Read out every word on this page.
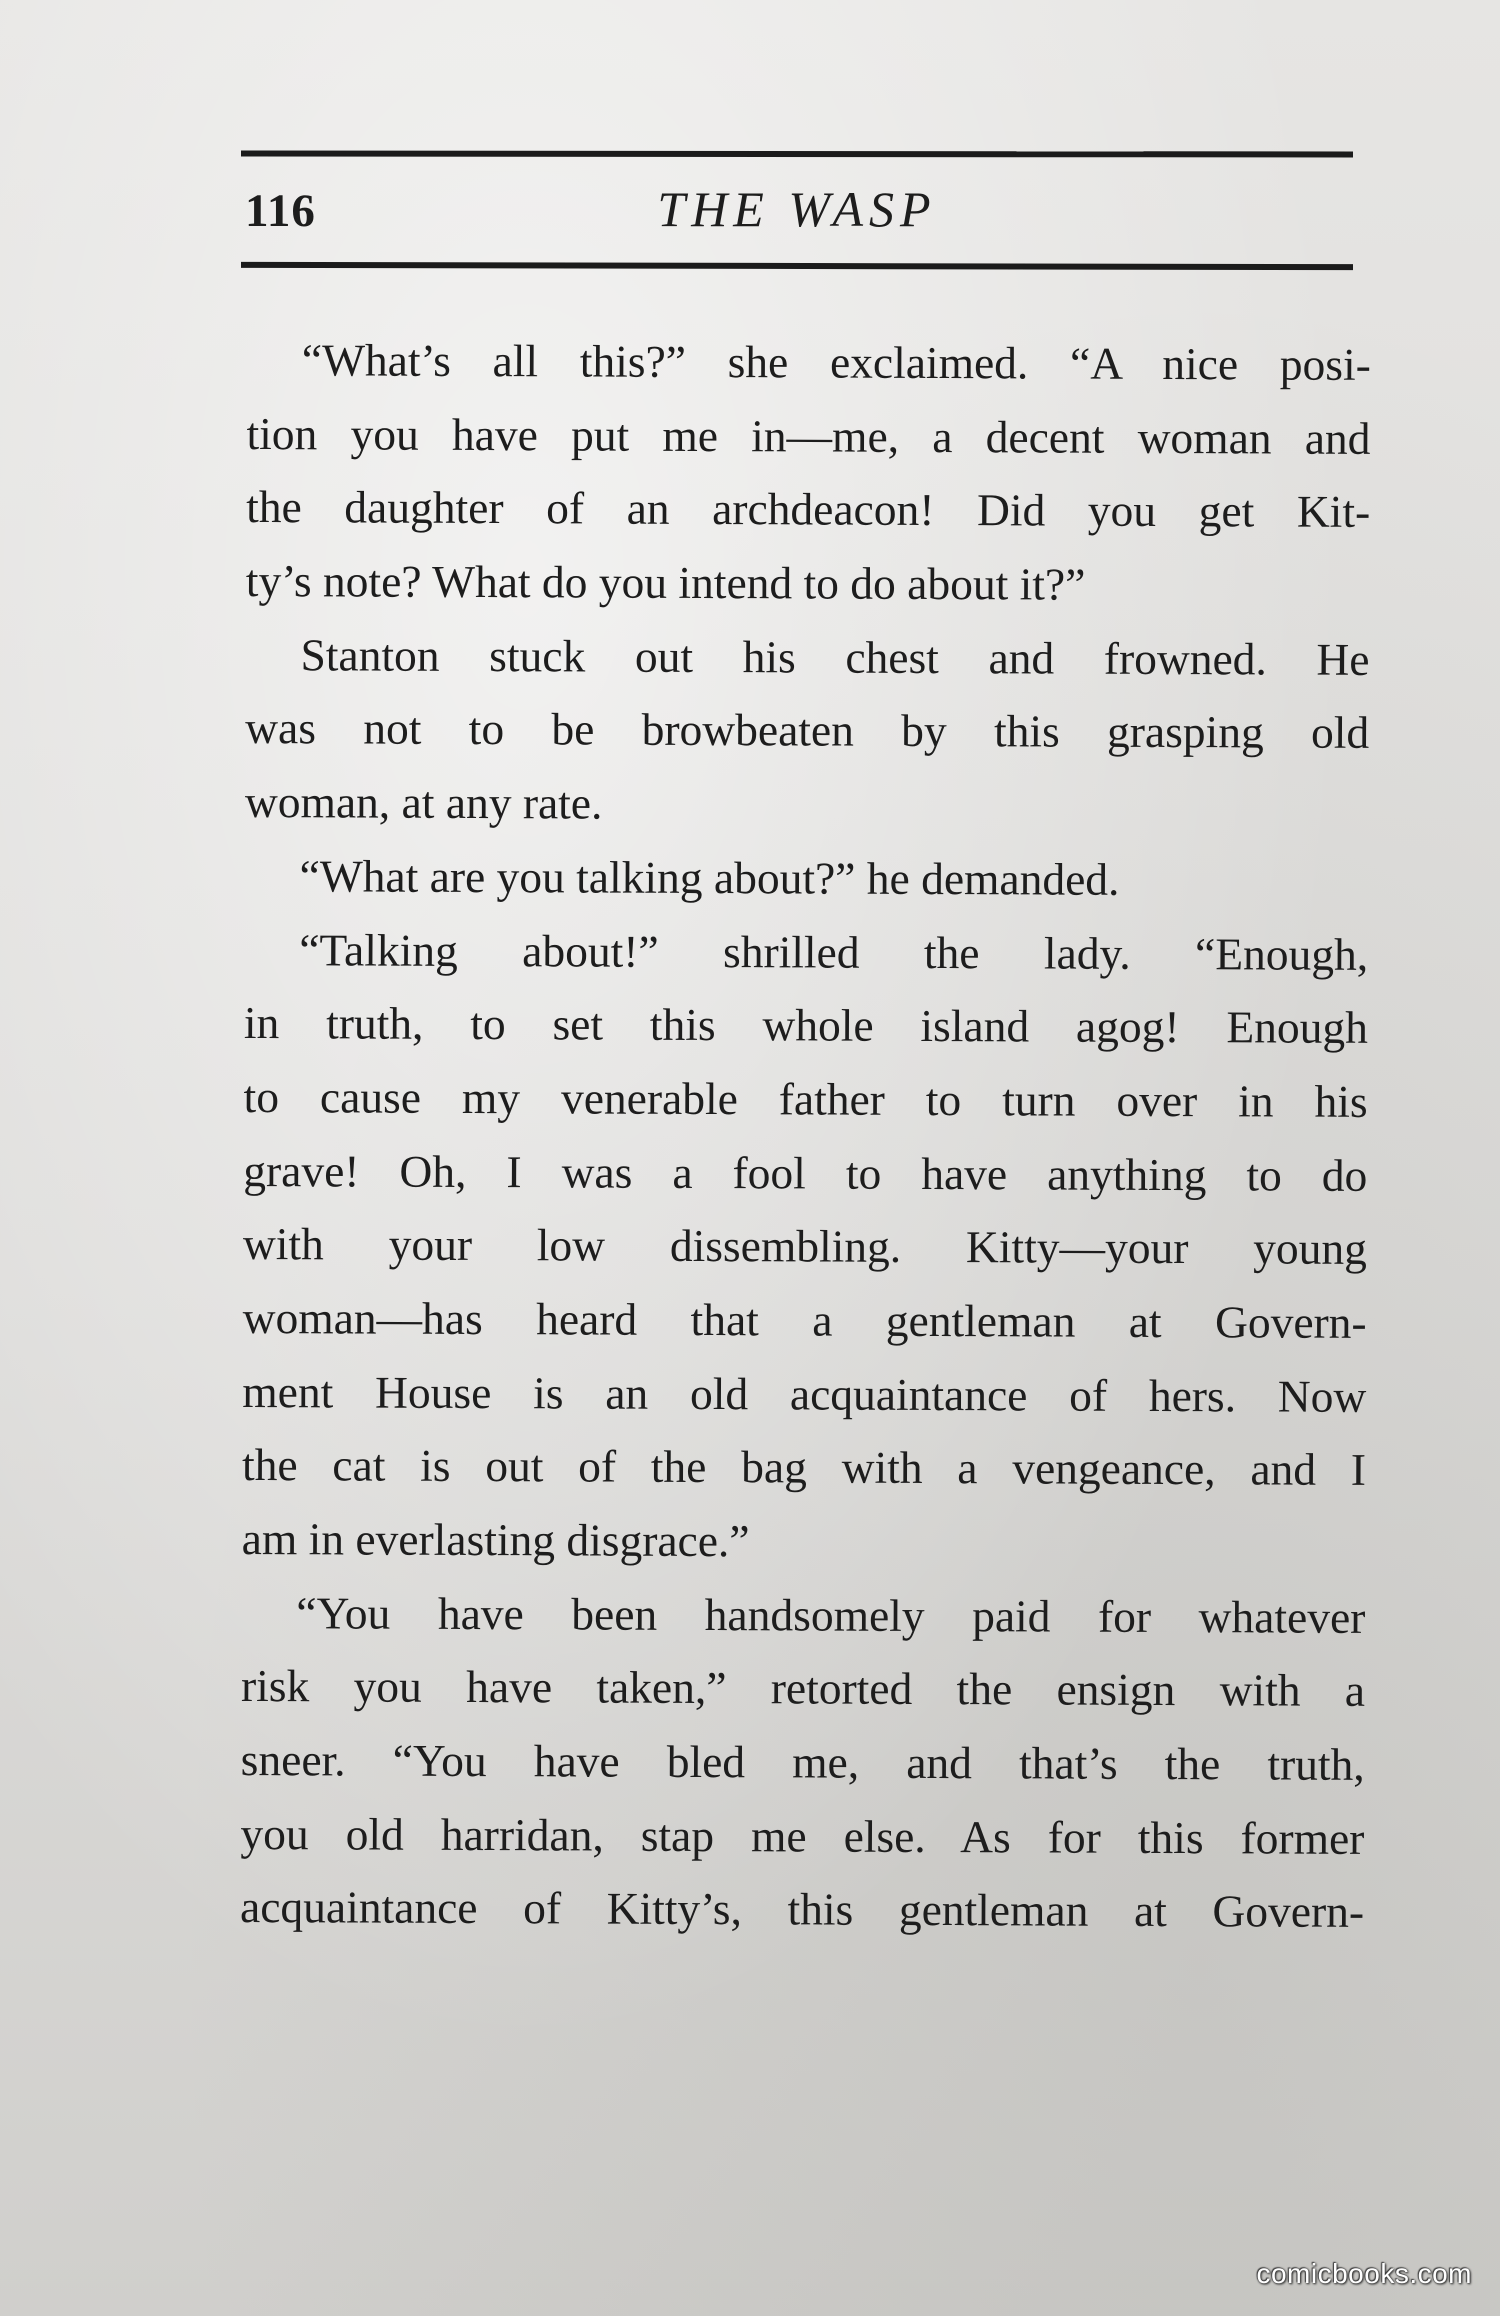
116	THE WASP
“What’s all this?” she exclaimed. “A nice posi-
tion you have put me in—me, a decent woman and
the daughter of an archdeacon! Did you get Kit-
ty’s note? What do you intend to do about it?”
Stanton stuck out his chest and frowned. He
was not to be browbeaten by this grasping old
woman, at any rate.
“What are you talking about?” he demanded.
“Talking about!” shrilled the lady. “Enough,
in truth, to set this whole island agog! Enough
to cause my venerable father to turn over in his
grave! Oh, I was a fool to have anything to do
with your low dissembling. Kitty—your young
woman—has heard that a gentleman at Govern-
ment House is an old acquaintance of hers. Now
the cat is out of the bag with a vengeance, and I
am in everlasting disgrace.”
“You have been handsomely paid for whatever
risk you have taken,” retorted the ensign with a
sneer. “You have bled me, and that’s the truth,
you old harridan, stap me else. As for this former
acquaintance of Kitty’s, this gentleman at Govern-
comicbooks.com
